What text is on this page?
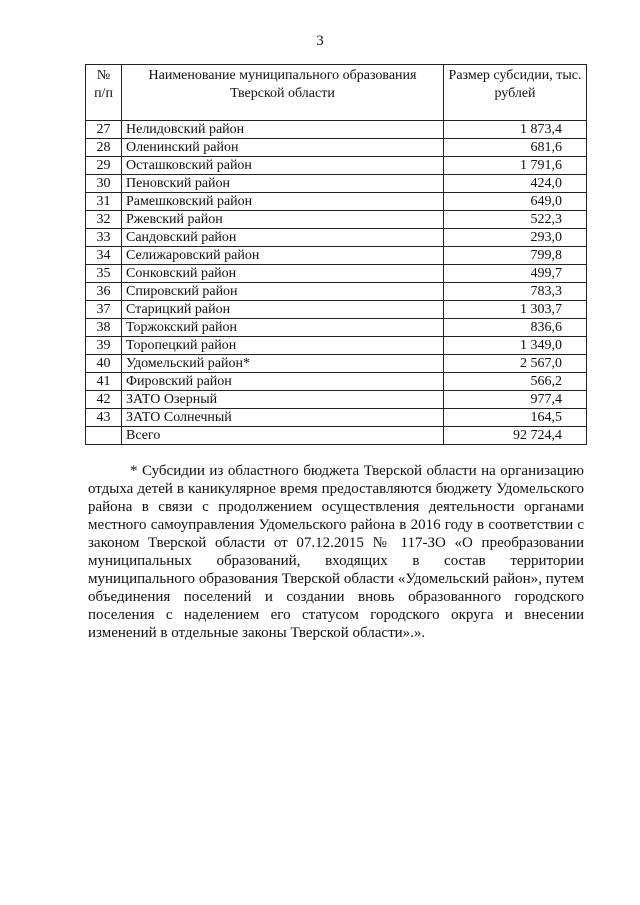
3
№ п/п	Наименование муниципального образования Тверской области	Размер субсидии, тыс. рублей
27	Нелидовский район	1 873,4
28	Оленинский район	681,6
29	Осташковский район	1 791,6
30	Пеновский район	424,0
31	Рамешковский район	649,0
32	Ржевский район	522,3
33	Сандовский район	293,0
34	Селижаровский район	799,8
35	Сонковский район	499,7
36	Спировский район	783,3
37	Старицкий район	1 303,7
38	Торжокский район	836,6
39	Торопецкий район	1 349,0
40	Удомельский район*	2 567,0
41	Фировский район	566,2
42	ЗАТО Озерный	977,4
43	ЗАТО Солнечный	164,5
	Всего	92 724,4

* Субсидии из областного бюджета Тверской области на организацию отдыха детей в каникулярное время предоставляются бюджету Удомельского района в связи с продолжением осуществления деятельности органами местного самоуправления Удомельского района в 2016 году в соответствии с законом Тверской области от 07.12.2015 № 117-ЗО «О преобразовании муниципальных образований, входящих в состав территории муниципального образования Тверской области «Удомельский район», путем объединения поселений и создании вновь образованного городского поселения с наделением его статусом городского округа и внесении изменений в отдельные законы Тверской области».».
